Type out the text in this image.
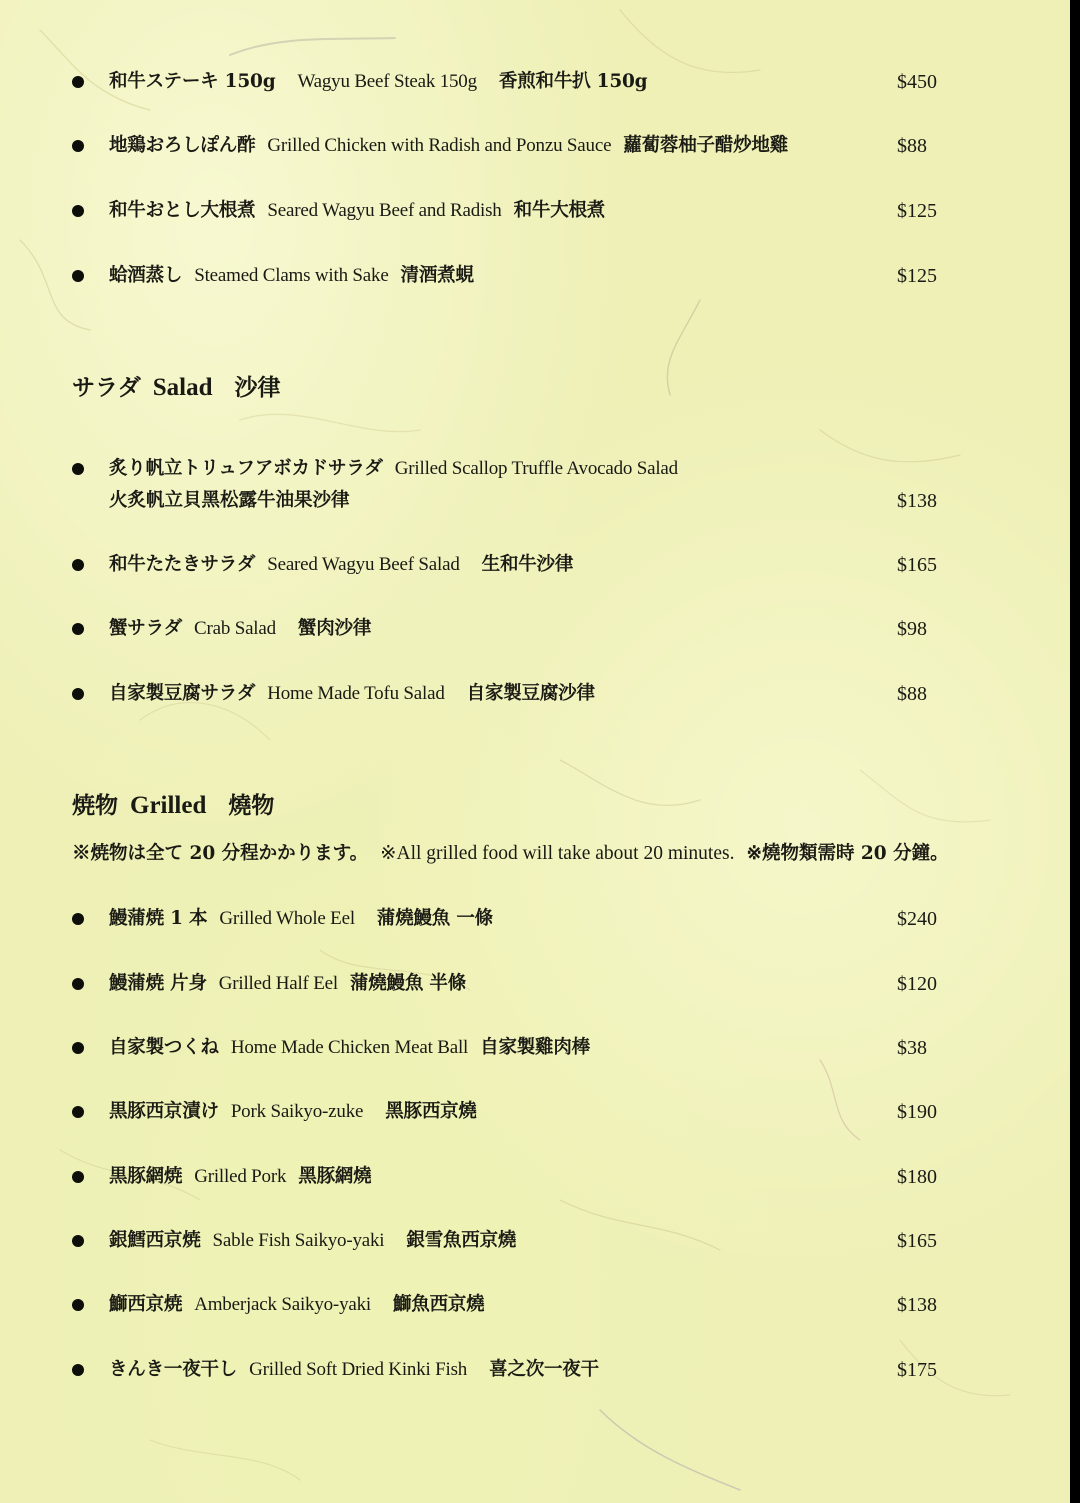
和牛ステーキ 150g Wagyu Beef Steak 150g 香煎和牛扒 150g	$450
地鶏おろしぽん酢 Grilled Chicken with Radish and Ponzu Sauce 蘿蔔蓉柚子醋炒地雞	$88
和牛おとし大根煮 Seared Wagyu Beef and Radish 和牛大根煮	$125
蛤酒蒸し Steamed Clams with Sake 清酒煮蜆	$125
サラダ Salad 沙律
炙り帆立トリュフアボカドサラダ Grilled Scallop Truffle Avocado Salad
火炙帆立貝黑松露牛油果沙律	$138
和牛たたきサラダ Seared Wagyu Beef Salad 生和牛沙律	$165
蟹サラダ Crab Salad 蟹肉沙律	$98
自家製豆腐サラダ Home Made Tofu Salad 自家製豆腐沙律	$88
焼物 Grilled 燒物
※焼物は全て 20 分程かかります。 ※All grilled food will take about 20 minutes. ※燒物類需時 20 分鐘。
鰻蒲焼 1 本 Grilled Whole Eel 蒲燒鰻魚 一條	$240
鰻蒲焼 片身 Grilled Half Eel 蒲燒鰻魚 半條	$120
自家製つくね Home Made Chicken Meat Ball 自家製雞肉棒	$38
黒豚西京漬け Pork Saikyo-zuke 黑豚西京燒	$190
黒豚網焼 Grilled Pork 黑豚網燒	$180
銀鱈西京焼 Sable Fish Saikyo-yaki 銀雪魚西京燒	$165
鰤西京焼 Amberjack Saikyo-yaki 鰤魚西京燒	$138
きんき一夜干し Grilled Soft Dried Kinki Fish 喜之次一夜干	$175
